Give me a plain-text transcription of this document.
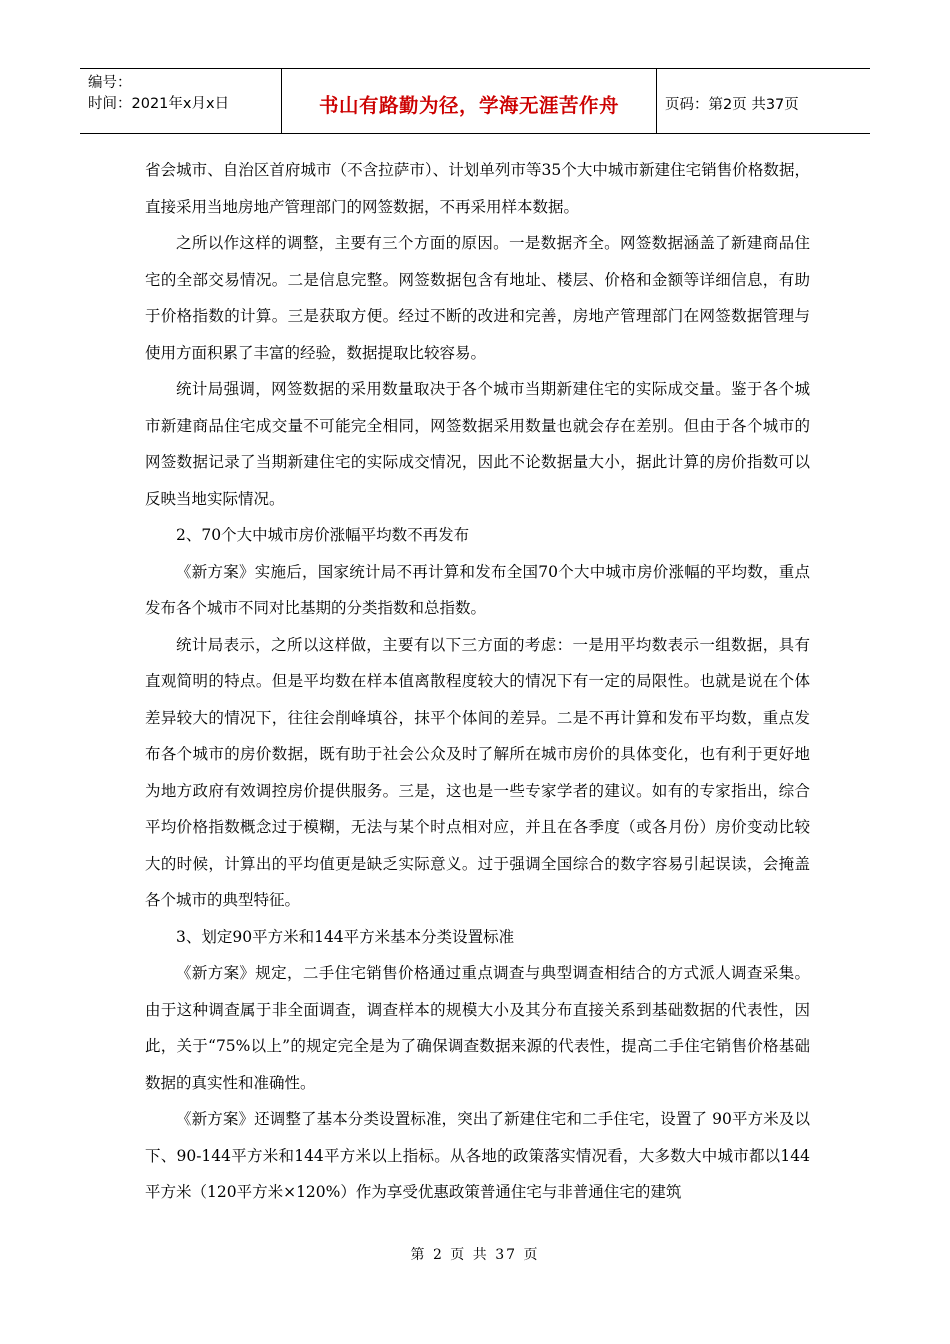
编号：
时间：2021年x月x日	书山有路勤为径，学海无涯苦作舟	页码：第2页 共37页

省会城市、自治区首府城市（不含拉萨市）、计划单列市等35个大中城市新建住宅销售价格数据，直接采用当地房地产管理部门的网签数据，不再采用样本数据。

之所以作这样的调整，主要有三个方面的原因。一是数据齐全。网签数据涵盖了新建商品住宅的全部交易情况。二是信息完整。网签数据包含有地址、楼层、价格和金额等详细信息，有助于价格指数的计算。三是获取方便。经过不断的改进和完善，房地产管理部门在网签数据管理与使用方面积累了丰富的经验，数据提取比较容易。

统计局强调，网签数据的采用数量取决于各个城市当期新建住宅的实际成交量。鉴于各个城市新建商品住宅成交量不可能完全相同，网签数据采用数量也就会存在差别。但由于各个城市的网签数据记录了当期新建住宅的实际成交情况，因此不论数据量大小，据此计算的房价指数可以反映当地实际情况。

2、70个大中城市房价涨幅平均数不再发布

《新方案》实施后，国家统计局不再计算和发布全国70个大中城市房价涨幅的平均数，重点发布各个城市不同对比基期的分类指数和总指数。

统计局表示，之所以这样做，主要有以下三方面的考虑：一是用平均数表示一组数据，具有直观简明的特点。但是平均数在样本值离散程度较大的情况下有一定的局限性。也就是说在个体差异较大的情况下，往往会削峰填谷，抹平个体间的差异。二是不再计算和发布平均数，重点发布各个城市的房价数据，既有助于社会公众及时了解所在城市房价的具体变化，也有利于更好地为地方政府有效调控房价提供服务。三是，这也是一些专家学者的建议。如有的专家指出，综合平均价格指数概念过于模糊，无法与某个时点相对应，并且在各季度（或各月份）房价变动比较大的时候，计算出的平均值更是缺乏实际意义。过于强调全国综合的数字容易引起误读，会掩盖各个城市的典型特征。

3、划定90平方米和144平方米基本分类设置标准

《新方案》规定，二手住宅销售价格通过重点调查与典型调查相结合的方式派人调查采集。由于这种调查属于非全面调查，调查样本的规模大小及其分布直接关系到基础数据的代表性，因此，关于“75%以上”的规定完全是为了确保调查数据来源的代表性，提高二手住宅销售价格基础数据的真实性和准确性。

《新方案》还调整了基本分类设置标准，突出了新建住宅和二手住宅，设置了 90平方米及以下、90-144平方米和144平方米以上指标。从各地的政策落实情况看，大多数大中城市都以144平方米（120平方米×120%）作为享受优惠政策普通住宅与非普通住宅的建筑

第 2 页 共 37 页
